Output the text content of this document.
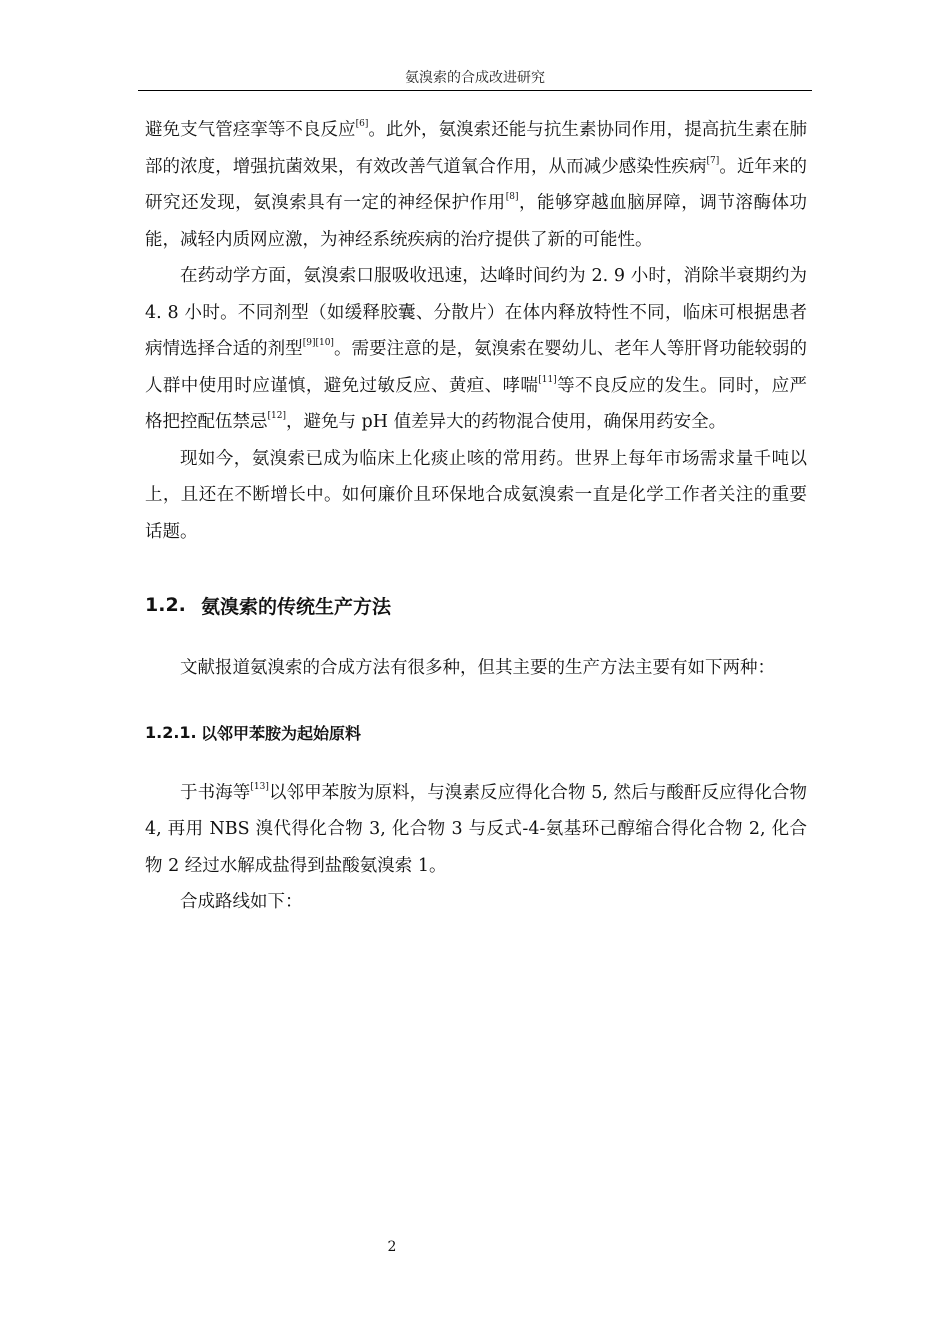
氨溴索的合成改进研究

避免支气管痉挛等不良反应[6]。此外，氨溴索还能与抗生素协同作用，提高抗生素在肺部的浓度，增强抗菌效果，有效改善气道氧合作用，从而减少感染性疾病[7]。近年来的研究还发现，氨溴索具有一定的神经保护作用[8]，能够穿越血脑屏障，调节溶酶体功能，减轻内质网应激，为神经系统疾病的治疗提供了新的可能性。

在药动学方面，氨溴索口服吸收迅速，达峰时间约为 2. 9 小时，消除半衰期约为 4. 8 小时。不同剂型（如缓释胶囊、分散片）在体内释放特性不同，临床可根据患者病情选择合适的剂型[9][10]。需要注意的是，氨溴索在婴幼儿、老年人等肝肾功能较弱的人群中使用时应谨慎，避免过敏反应、黄疸、哮喘[11]等不良反应的发生。同时，应严格把控配伍禁忌[12]，避免与 pH 值差异大的药物混合使用，确保用药安全。

现如今，氨溴索已成为临床上化痰止咳的常用药。世界上每年市场需求量千吨以上，且还在不断增长中。如何廉价且环保地合成氨溴索一直是化学工作者关注的重要话题。

1.2. 氨溴索的传统生产方法

文献报道氨溴索的合成方法有很多种，但其主要的生产方法主要有如下两种：

1.2.1. 以邻甲苯胺为起始原料

于书海等[13]以邻甲苯胺为原料，与溴素反应得化合物 5, 然后与酸酐反应得化合物 4, 再用 NBS 溴代得化合物 3, 化合物 3 与反式-4-氨基环己醇缩合得化合物 2, 化合物 2 经过水解成盐得到盐酸氨溴索 1。

合成路线如下：

2
